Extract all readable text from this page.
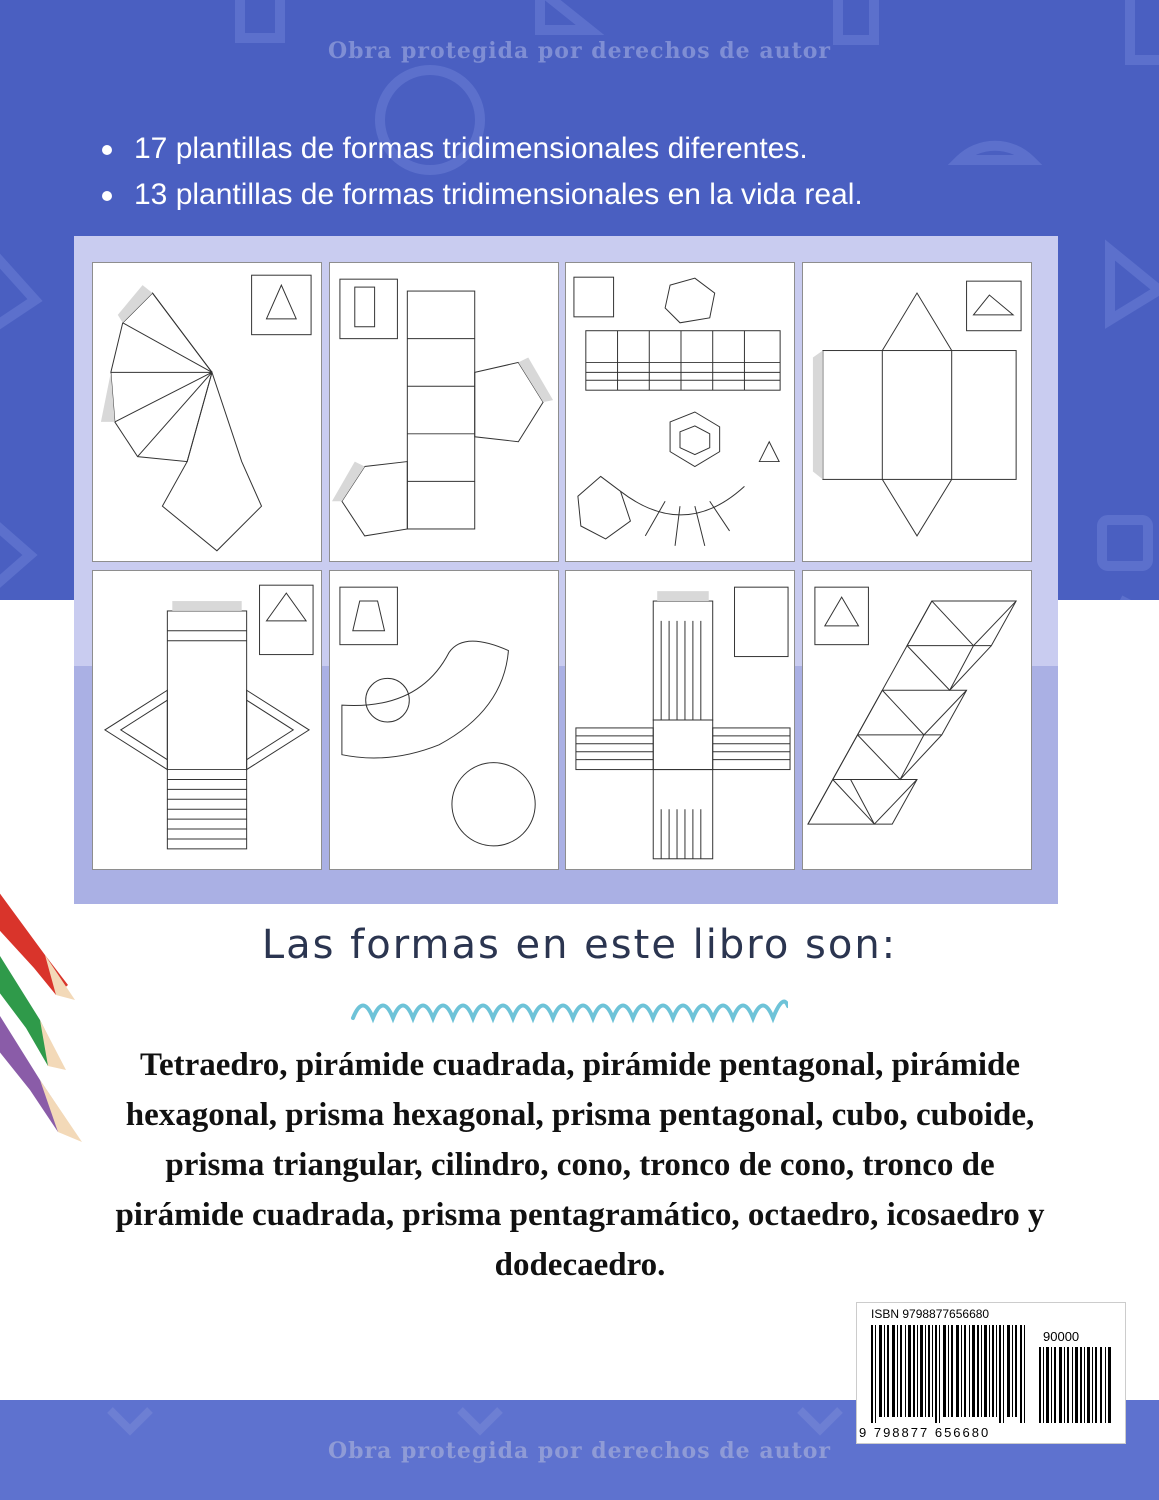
Obra protegida por derechos de autor
17 plantillas de formas tridimensionales diferentes.
13 plantillas de formas tridimensionales en la vida real.
Las formas en este libro son:
Tetraedro, pirámide cuadrada, pirámide pentagonal, pirámide hexagonal, prisma hexagonal, prisma pentagonal, cubo, cuboide, prisma triangular, cilindro, cono, tronco de cono, tronco de pirámide cuadrada, prisma pentagramático, octaedro, icosaedro y dodecaedro.
Obra protegida por derechos de autor
ISBN 9798877656680
90000
9 798877 656680
